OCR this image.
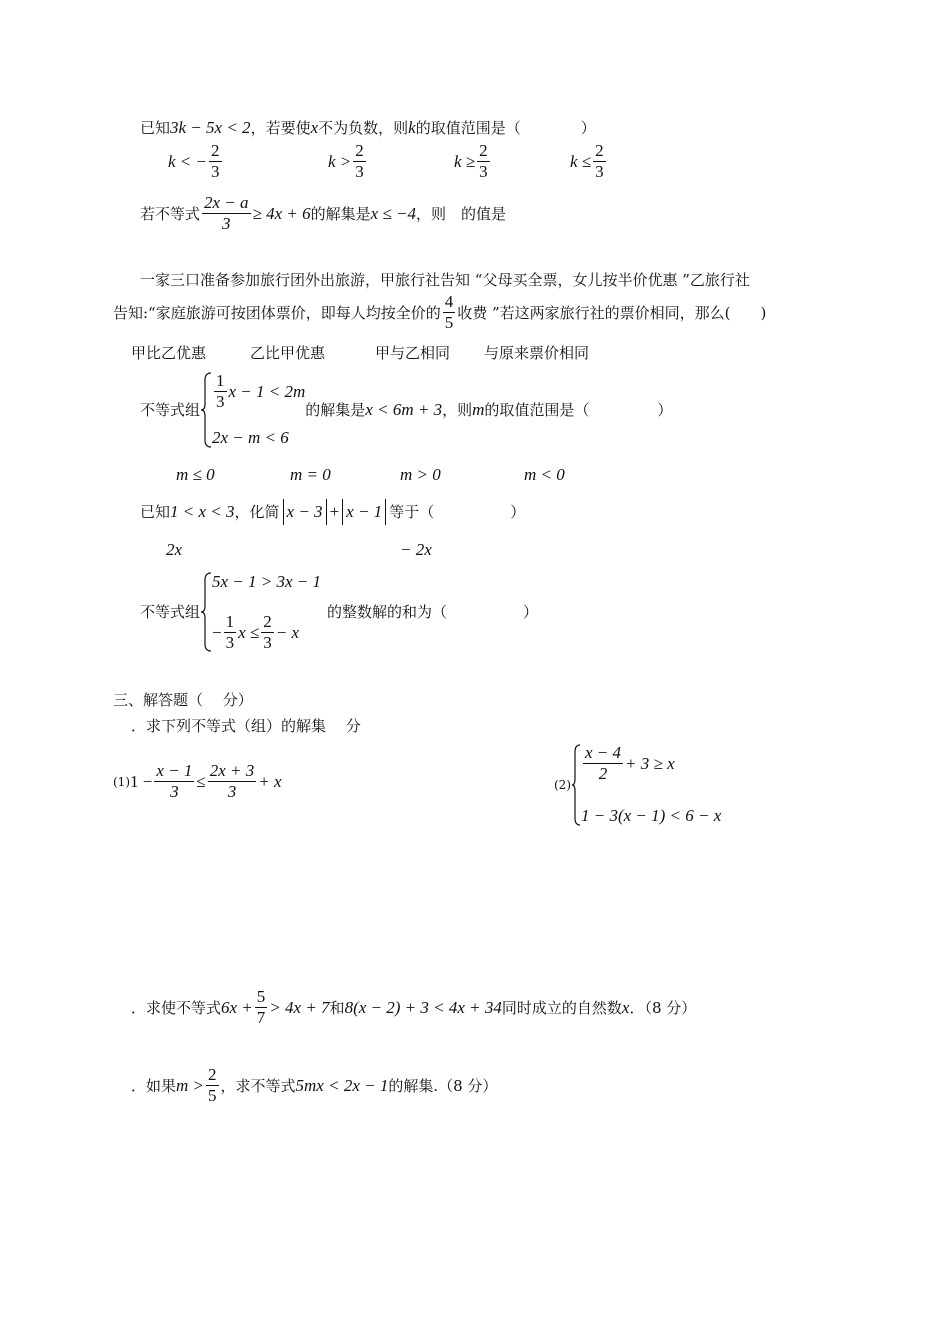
已知3k − 5x < 2，若要使x不为负数，则k的取值范围是（	）
k < − $\frac{2}{3}$	$k > \frac{2}{3}$	$k \ge \frac{2}{3}$	$k \le \frac{2}{3}$
若不等式 $\frac{2x - a}{3} \ge 4x + 6$ 的解集是 x ≤ −4 ，则　的值是
一家三口准备参加旅行团外出旅游，甲旅行社告知 “父母买全票，女儿按半价优惠 ”乙旅行社
告知:“家庭旅游可按团体票价，即每人均按全价的 $\frac{4}{5}$ 收费 ”若这两家旅行社的票价相同，那么(　　)
甲比乙优惠	乙比甲优惠	甲与乙相同 与原来票价相同
不等式组 $\frac{1}{3}$ x − 1 < 2m
2x − m < 6
的解集是 x < 6m + 3 ，则 m 的取值范围是（	）
m ≤ 0	m = 0	m > 0	m < 0
已知 1 < x < 3 ，化简 x − 3 + x − 1 等于（	）
2x	− 2x
不等式组
5x − 1 > 3x − 1
− $\frac{1}{3}$ $x \le \frac{2}{3} - x$
的整数解的和为（	）
三、解答题（　 分）
．求下列不等式（组）的解集　 分
(1) $1 - \frac{x - 1}{3} \le \frac{2x + 3}{3} + x$	(2)
$\frac{x - 4}{2} + 3 \ge x$
1 − 3(x − 1) < 6 − x
．求使不等式 $6x + \frac{5}{7} > 4x + 7$ 和 8(x − 2) + 3 < 4x + 34 同时成立的自然数 x ．（8 分）
．如果 $m > \frac{2}{5}$ ，求不等式 5mx < 2x − 1 的解集.（8 分）
